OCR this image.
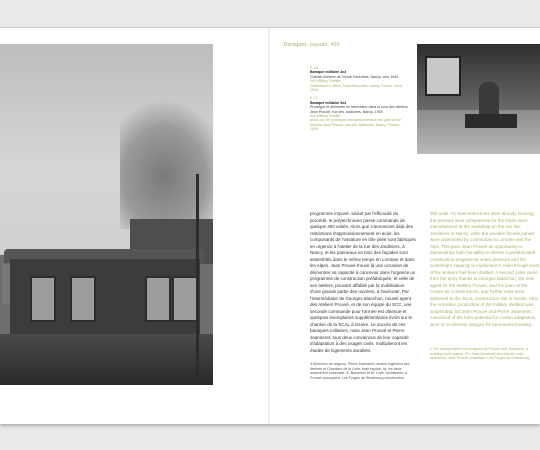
Baraques, paysan, 400
P. 16
Baraque militaire 4x4
Guérite d'entrée de l'usine Favenfest, Nancy, vers 1944
4x4 Military Shelter
Gatekeeper's office, Favenfest plant, Nancy, France, circa 1944
P. 17
Baraque militaire 4x4
Prototype et éléments en fabrication dans la cour des Ateliers Jean Prouvé, rue des Jardiniers, Nancy, 1939
4x4 Military Shelter
Mock-up the prototype and components in the yard at the Ateliers Jean Prouvé, rue des Jardiniers, Nancy, France, 1939
programme imposé, séduit par l'efficacité du procédé, le polytechnicien passe commande de quelque 300 unités. Alors que s'annoncent déjà des restrictions d'approvisionnement en acier, les composants de l'ossature en tôle pliée sont fabriqués en urgence à l'atelier de la rue des Jardiniers, à Nancy, et les panneaux en bois des façades sont assemblés dans le même temps en Lorraine et dans les Alpes. Jean Prouvé trouve là une occasion de démontrer sa capacité à concevoir dans l'urgence un programme de construction préfabriquée, et celle de ses ateliers, pouvant affabilé par la mobilisation d'une grande partie des ouvriers, à l'exécuter. Par l'intermédiaire de Georges Bianchon, nouvel agent des Ateliers Prouvé, et de son équipe du SCC, une seconde commande pour l'armée est obtenue et quelques exemplaires supplémentaires livrés sur le chantier de la SCAL à Issoire. Le succès de ces baraques militaires, mais Jean Prouvé et Pierre Jeanneret, tous deux convaincus de leur capacité d'adaptation à des usages civils, multiplieront les études de logements durables.
300 units. As steel restrictions were already looming, the pressed steel components for the frame were manufactured at the workshop on the rue des Jardiniers in Nancy, while the wooden facade panels were assembled by contractors in Lorraine and the Alps. This gave Jean Prouvé an opportunity to demonstrate both his ability to devise a prefabricated construction programme under pressure and his workshop's capacity to implement it, even though most of his workers had been drafted. A second order came from the army thanks to Georges Bianchon, the new agent for the Ateliers Prouvé, and his team at the Centre de Constructions, and further units were delivered to the SCAL construction site in Issoire. After the Armistice, production of the military shelters was suspended, but Jean Prouvé and Pierre Jeanneret, convinced of the hut's potential for civilian adaptation, went on to develop designs for permanent housing.
4 Minimum de wagons, Pierre Jeanneret, ancien ingénieur aux Ateliers et Chantiers de la Loire, tirait équipé. Ici, les deux avancèrent ensemble. E. Baudouin et M. Lods, architectes. A. Prouvé concepteur. Les Forges de Strasbourg constructeur.
1 The transportable hut designed by Prouvé and Jeanneret, a building shell system. Ph. Jean Baudouin and Marcel Lods. Architects, Jean Prouvé consultant. Les Forges de Strasbourg.
